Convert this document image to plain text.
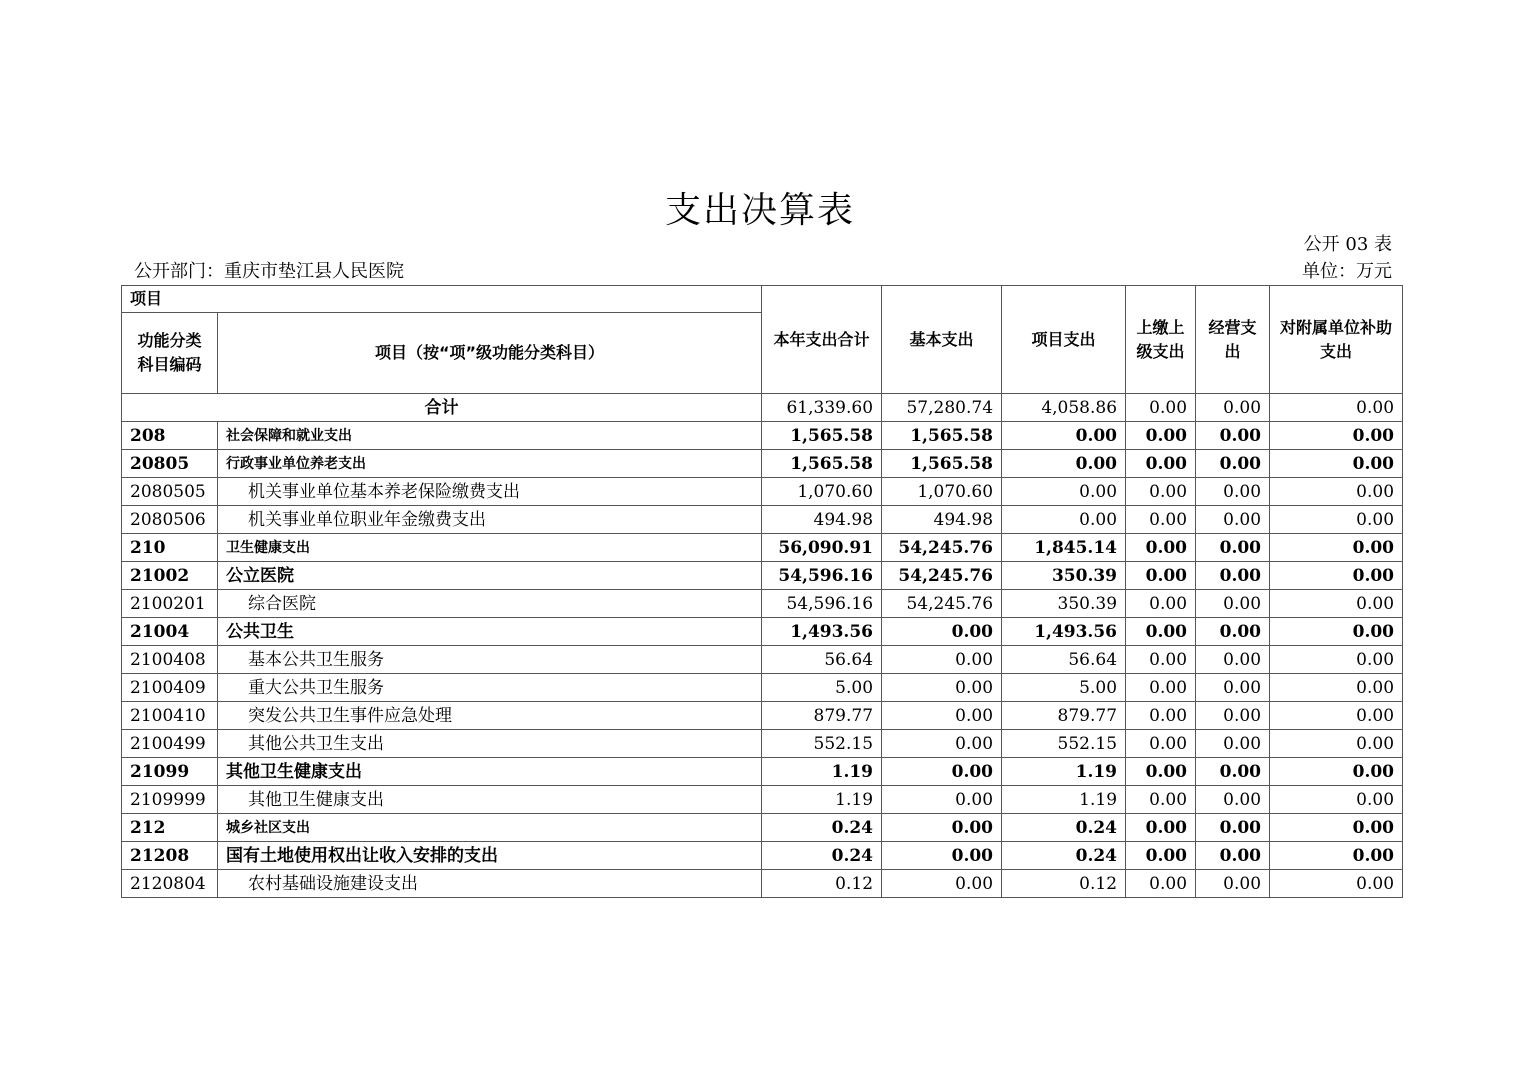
支出决算表
公开 03 表
公开部门：重庆市垫江县人民医院	单位：万元
项目		本年支出合计	基本支出	项目支出	上缴上级支出	经营支出	对附属单位补助支出
功能分类科目编码	项目（按“项”级功能分类科目）						
合计		61,339.60	57,280.74	4,058.86	0.00	0.00	0.00
208	社会保障和就业支出	1,565.58	1,565.58	0.00	0.00	0.00	0.00
20805	行政事业单位养老支出	1,565.58	1,565.58	0.00	0.00	0.00	0.00
2080505	机关事业单位基本养老保险缴费支出	1,070.60	1,070.60	0.00	0.00	0.00	0.00
2080506	机关事业单位职业年金缴费支出	494.98	494.98	0.00	0.00	0.00	0.00
210	卫生健康支出	56,090.91	54,245.76	1,845.14	0.00	0.00	0.00
21002	公立医院	54,596.16	54,245.76	350.39	0.00	0.00	0.00
2100201	综合医院	54,596.16	54,245.76	350.39	0.00	0.00	0.00
21004	公共卫生	1,493.56	0.00	1,493.56	0.00	0.00	0.00
2100408	基本公共卫生服务	56.64	0.00	56.64	0.00	0.00	0.00
2100409	重大公共卫生服务	5.00	0.00	5.00	0.00	0.00	0.00
2100410	突发公共卫生事件应急处理	879.77	0.00	879.77	0.00	0.00	0.00
2100499	其他公共卫生支出	552.15	0.00	552.15	0.00	0.00	0.00
21099	其他卫生健康支出	1.19	0.00	1.19	0.00	0.00	0.00
2109999	其他卫生健康支出	1.19	0.00	1.19	0.00	0.00	0.00
212	城乡社区支出	0.24	0.00	0.24	0.00	0.00	0.00
21208	国有土地使用权出让收入安排的支出	0.24	0.00	0.24	0.00	0.00	0.00
2120804	农村基础设施建设支出	0.12	0.00	0.12	0.00	0.00	0.00
